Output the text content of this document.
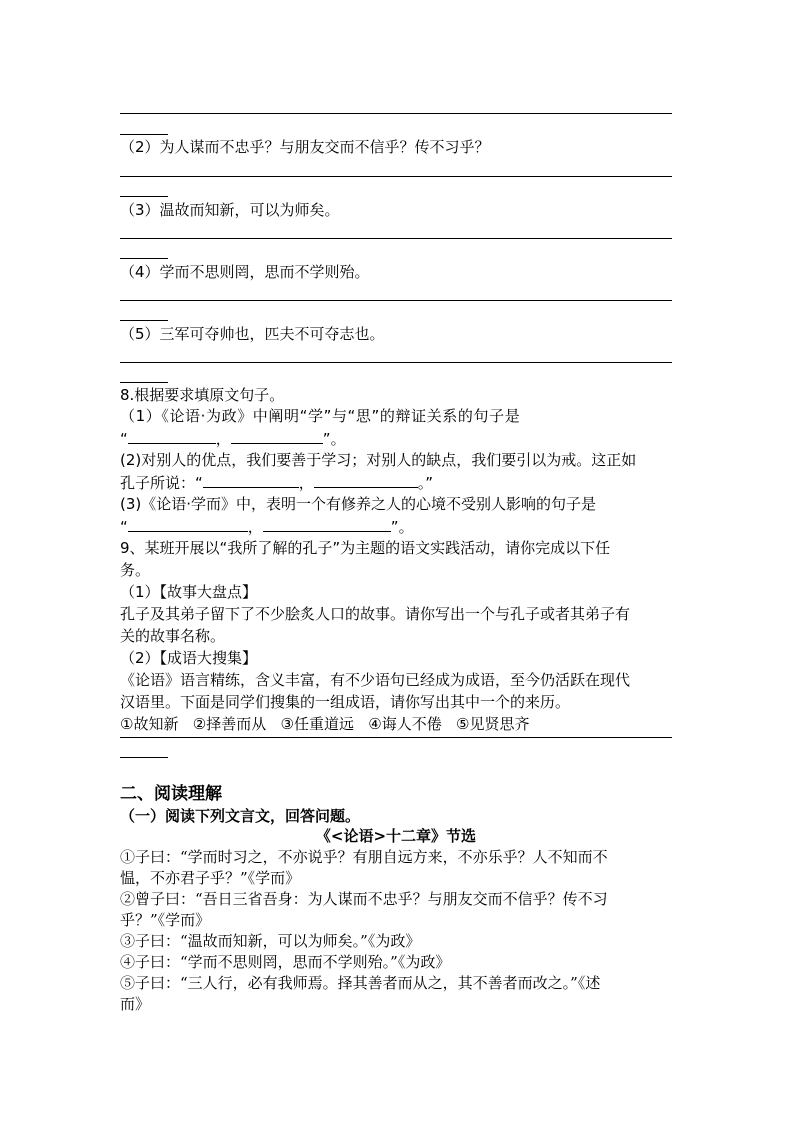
（2）为人谋而不忠乎？与朋友交而不信乎？传不习乎？
（3）温故而知新，可以为师矣。
（4）学而不思则罔，思而不学则殆。
（5）三军可夺帅也，匹夫不可夺志也。
8.根据要求填原文句子。
（1）《论语·为政》中阐明“学”与“思”的辩证关系的句子是
“	，	”。
(2)对别人的优点，我们要善于学习；对别人的缺点，我们要引以为戒。这正如
孔子所说：“	，	。”
(3)《论语·学而》中，表明一个有修养之人的心境不受别人影响的句子是
“	，	”。
9、某班开展以“我所了解的孔子”为主题的语文实践活动，请你完成以下任
务。
（1）【故事大盘点】
孔子及其弟子留下了不少脍炙人口的故事。请你写出一个与孔子或者其弟子有
关的故事名称。
（2）【成语大搜集】
《论语》语言精练，含义丰富，有不少语句已经成为成语，至今仍活跃在现代
汉语里。下面是同学们搜集的一组成语，请你写出其中一个的来历。
①故知新   ②择善而从   ③任重道远   ④诲人不倦   ⑤见贤思齐
二、阅读理解
（一）阅读下列文言文，回答问题。
《<论语>十二章》节选
①子曰：“学而时习之，不亦说乎？有朋自远方来，不亦乐乎？人不知而不
愠，不亦君子乎？”《学而》
②曾子曰：“吾日三省吾身：为人谋而不忠乎？与朋友交而不信乎？传不习
乎？”《学而》
③子曰：“温故而知新，可以为师矣。”《为政》
④子曰：“学而不思则罔，思而不学则殆。”《为政》
⑤子曰：“三人行，必有我师焉。择其善者而从之，其不善者而改之。”《述
而》
